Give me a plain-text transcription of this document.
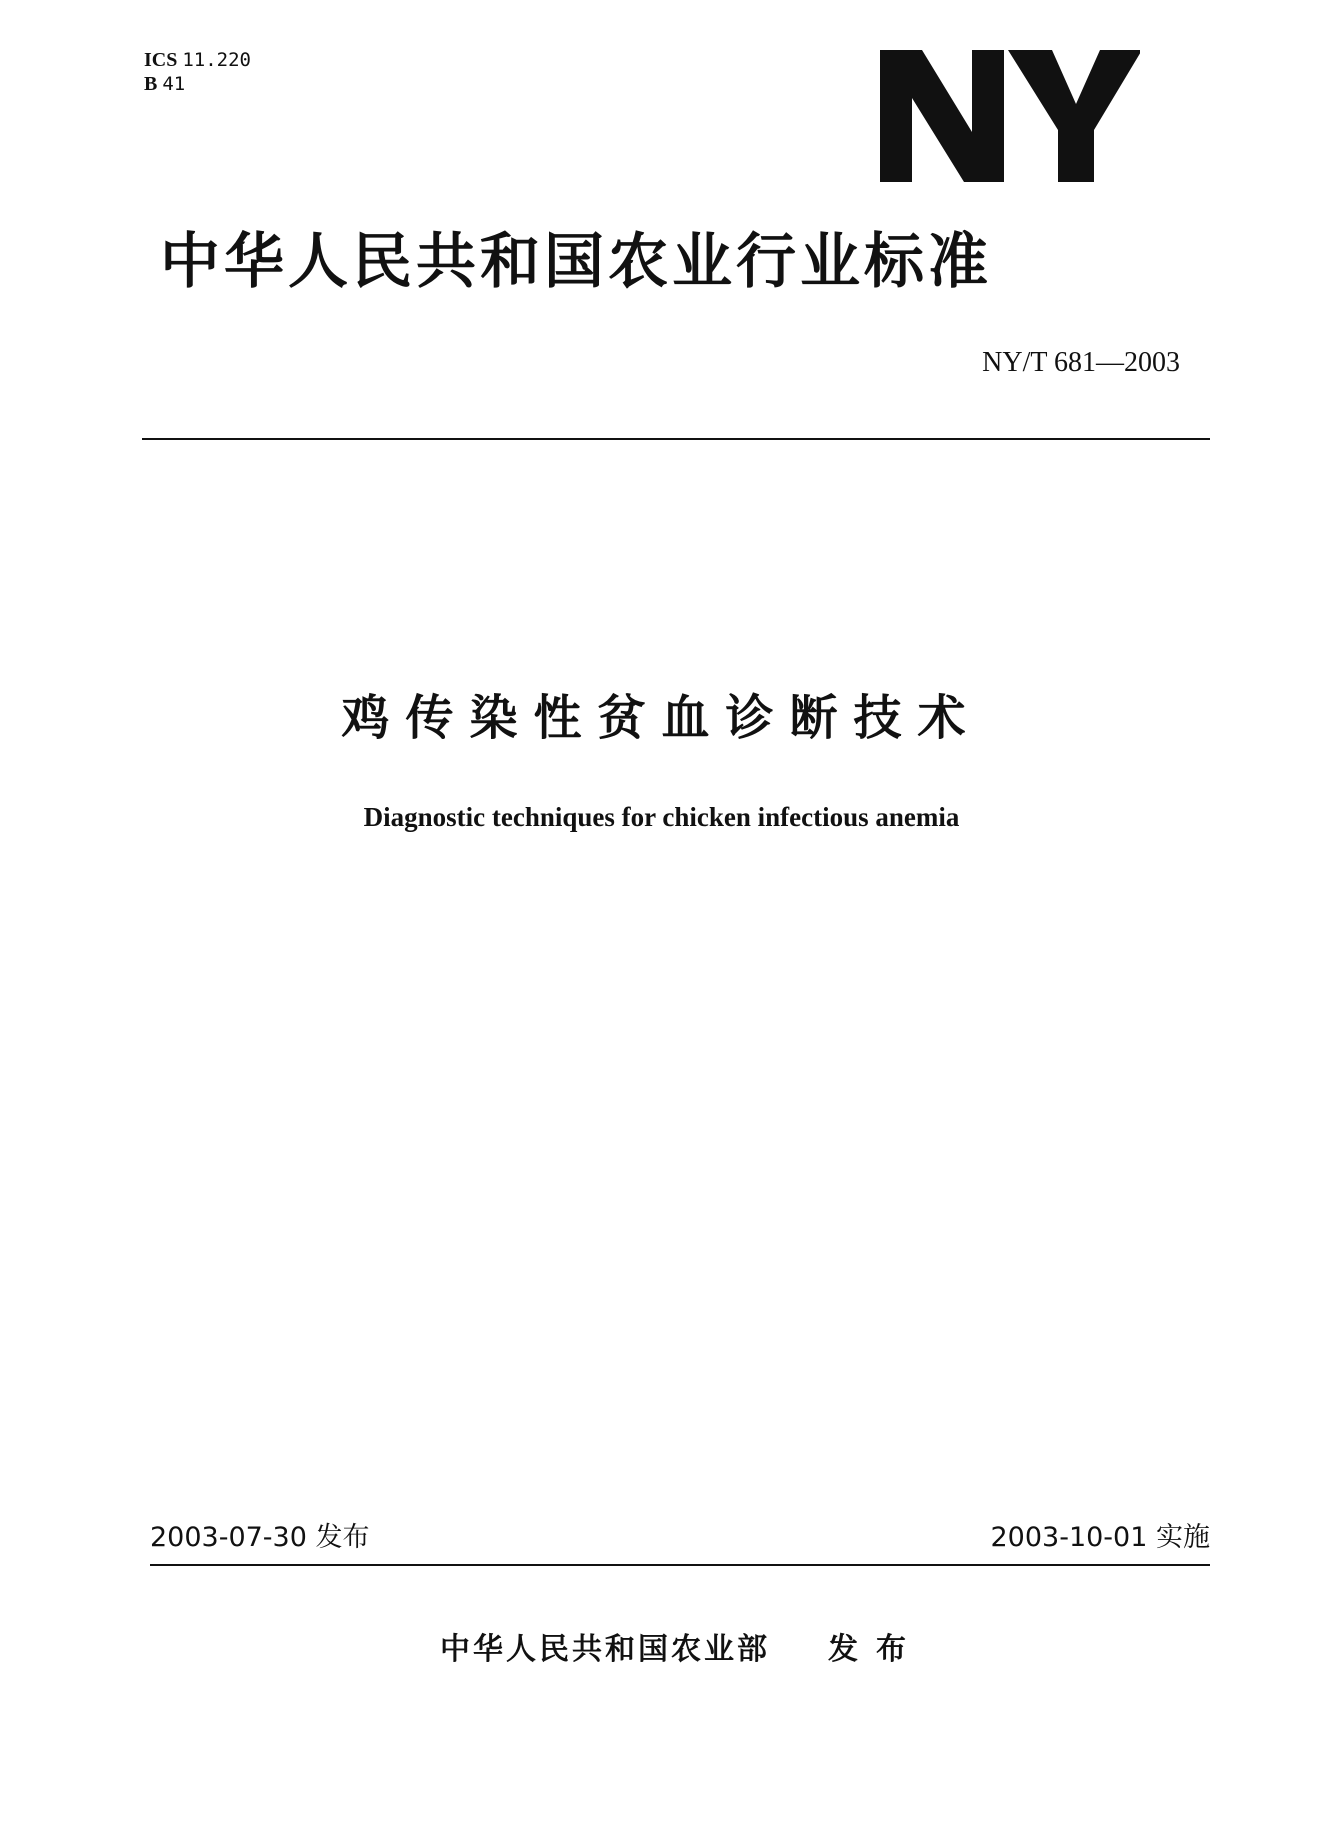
ICS 11.220
B 41
中华人民共和国农业行业标准
NY/T 681—2003
鸡传染性贫血诊断技术
Diagnostic techniques for chicken infectious anemia
2003-07-30 发布	2003-10-01 实施
中华人民共和国农业部 发布
